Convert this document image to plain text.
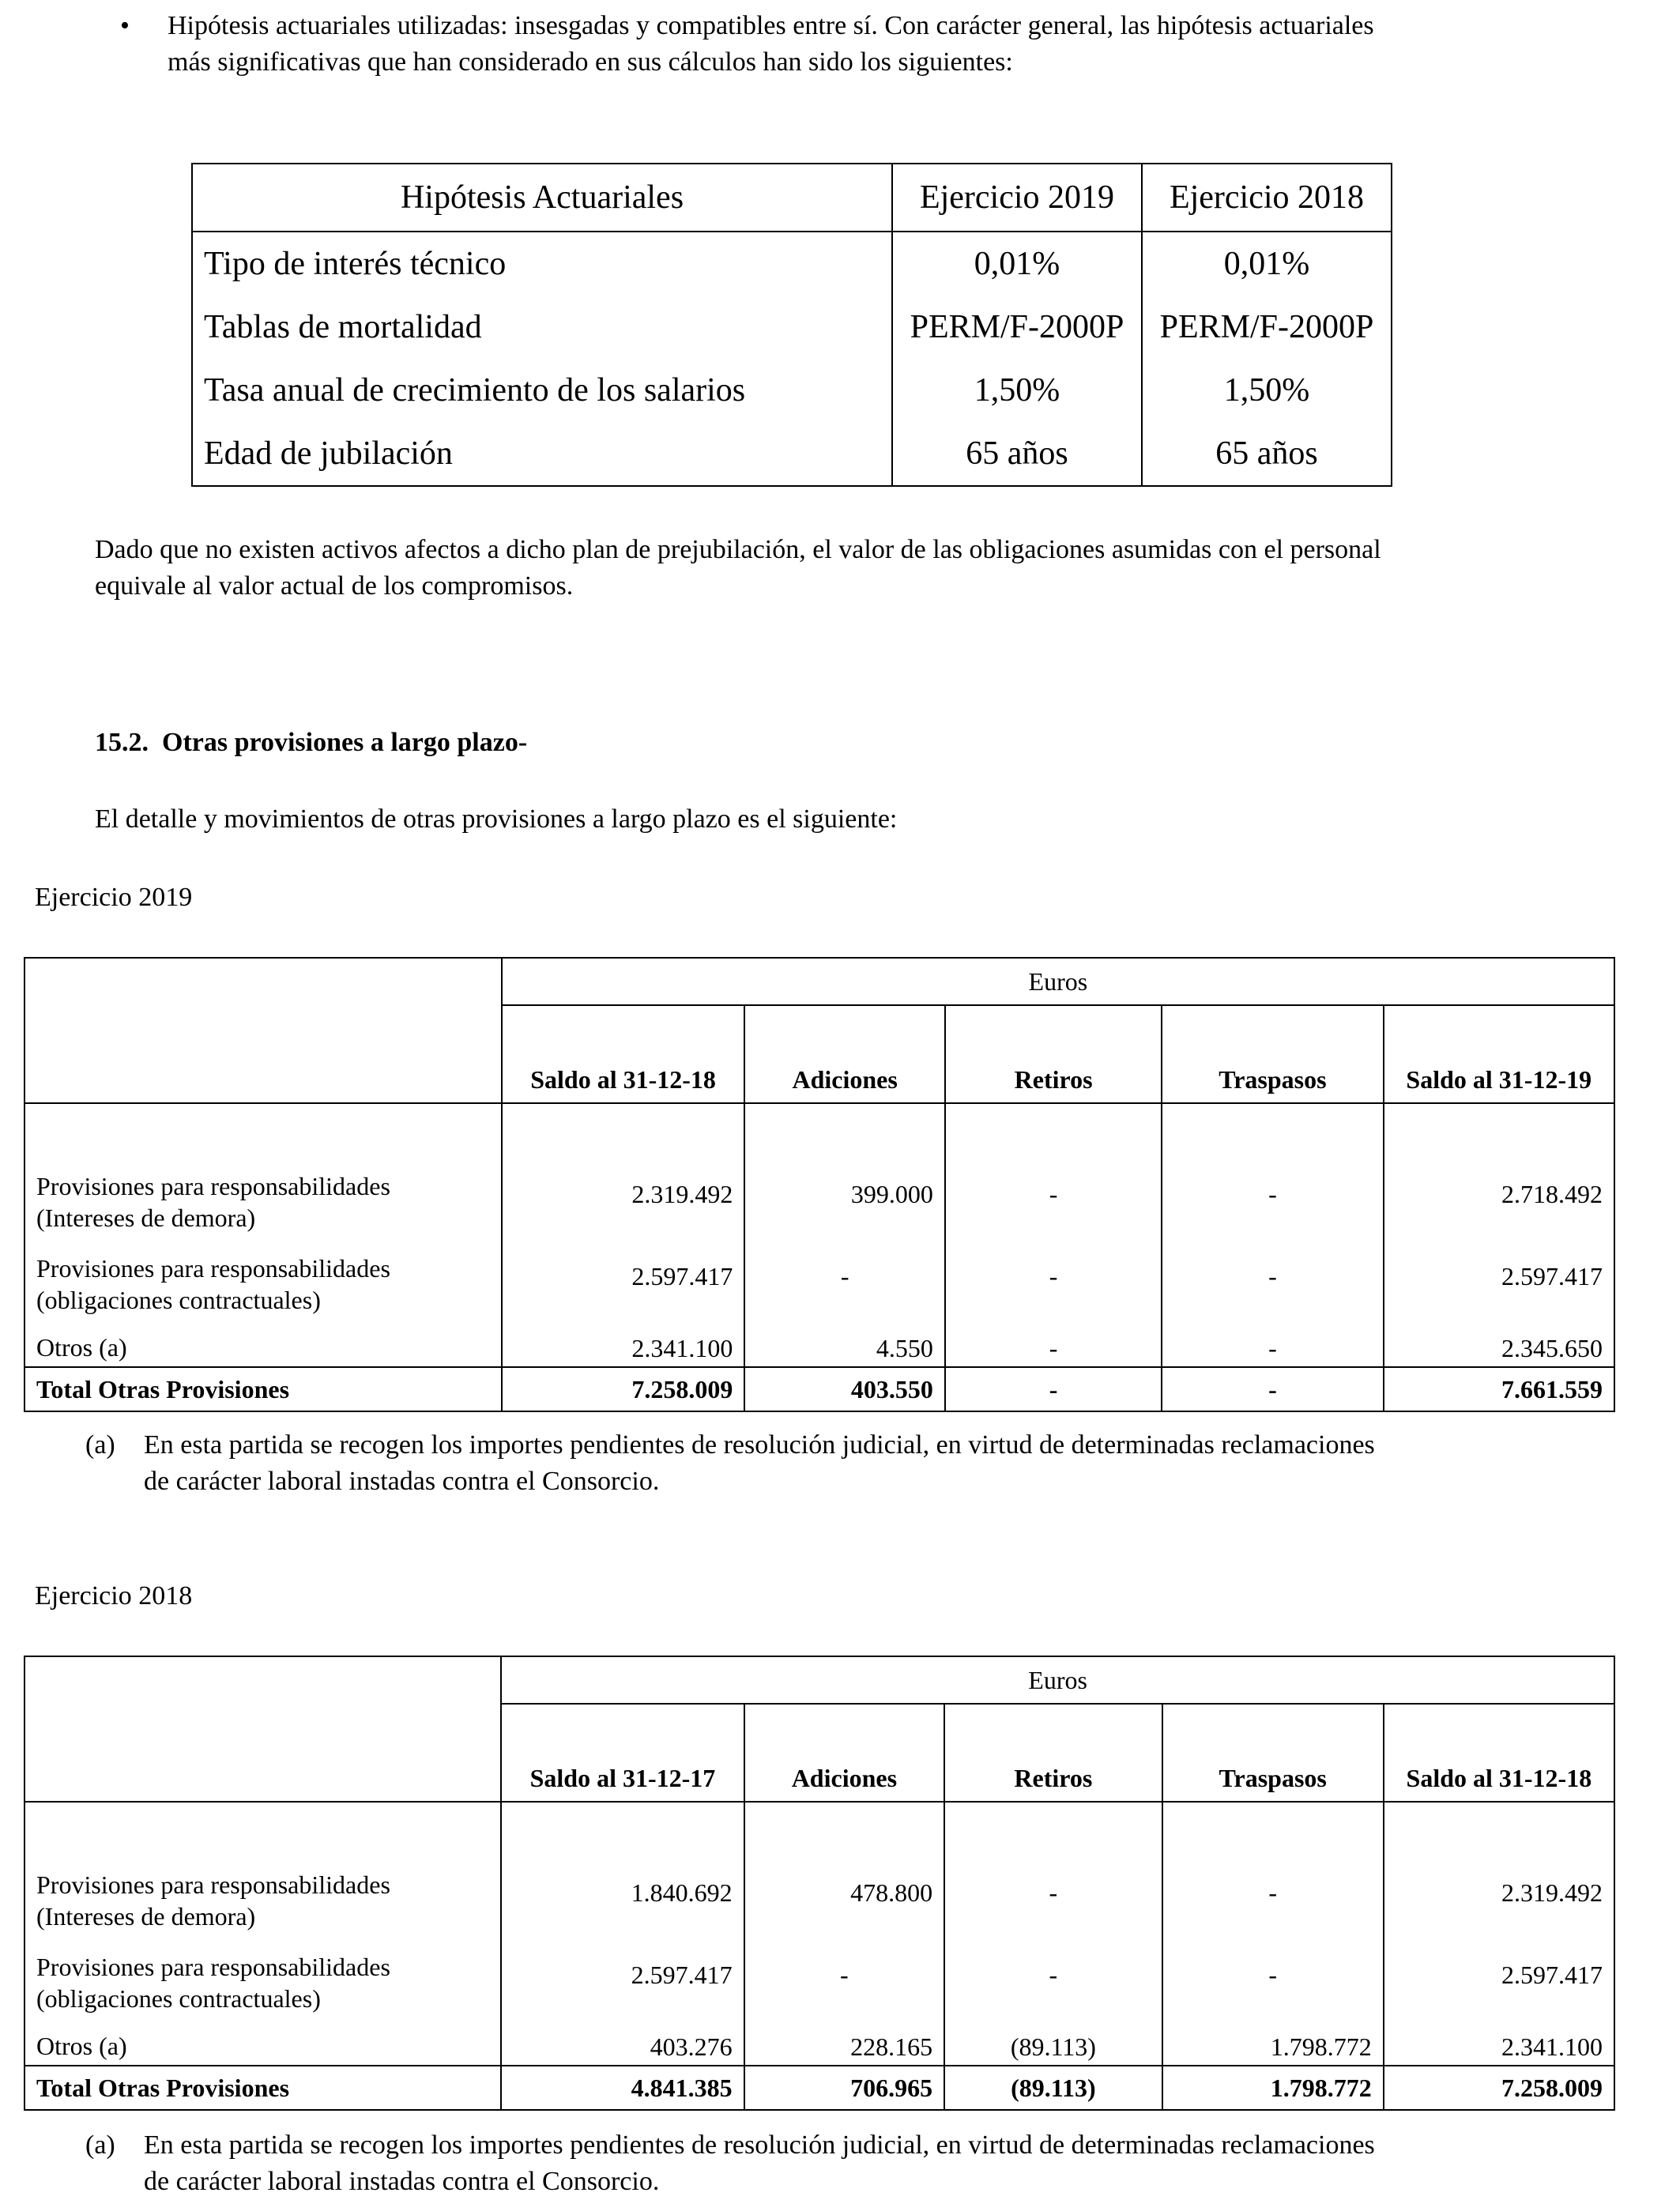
• Hipótesis actuariales utilizadas: insesgadas y compatibles entre sí. Con carácter general, las hipótesis actuariales
más significativas que han considerado en sus cálculos han sido los siguientes:
Hipótesis Actuariales	Ejercicio 2019	Ejercicio 2018
Tipo de interés técnico	0,01%	0,01%
Tablas de mortalidad	PERM/F-2000P	PERM/F-2000P
Tasa anual de crecimiento de los salarios	1,50%	1,50%
Edad de jubilación	65 años	65 años
Dado que no existen activos afectos a dicho plan de prejubilación, el valor de las obligaciones asumidas con el personal
equivale al valor actual de los compromisos.
15.2.  Otras provisiones a largo plazo-
El detalle y movimientos de otras provisiones a largo plazo es el siguiente:
Ejercicio 2019
	Euros				
	Saldo al 31-12-18	Adiciones	Retiros	Traspasos	Saldo al 31-12-19

Provisiones para responsabilidades
(Intereses de demora)	2.319.492	399.000	-	-	2.718.492
Provisiones para responsabilidades
(obligaciones contractuales)	2.597.417	-	-	-	2.597.417
Otros (a)	2.341.100	4.550	-	-	2.345.650
Total Otras Provisiones	7.258.009	403.550	-	-	7.661.559
(a) En esta partida se recogen los importes pendientes de resolución judicial, en virtud de determinadas reclamaciones
de carácter laboral instadas contra el Consorcio.
Ejercicio 2018
	Euros				
	Saldo al 31-12-17	Adiciones	Retiros	Traspasos	Saldo al 31-12-18

Provisiones para responsabilidades
(Intereses de demora)	1.840.692	478.800	-	-	2.319.492
Provisiones para responsabilidades
(obligaciones contractuales)	2.597.417	-	-	-	2.597.417
Otros (a)	403.276	228.165	(89.113)	1.798.772	2.341.100
Total Otras Provisiones	4.841.385	706.965	(89.113)	1.798.772	7.258.009
(a) En esta partida se recogen los importes pendientes de resolución judicial, en virtud de determinadas reclamaciones
de carácter laboral instadas contra el Consorcio.
